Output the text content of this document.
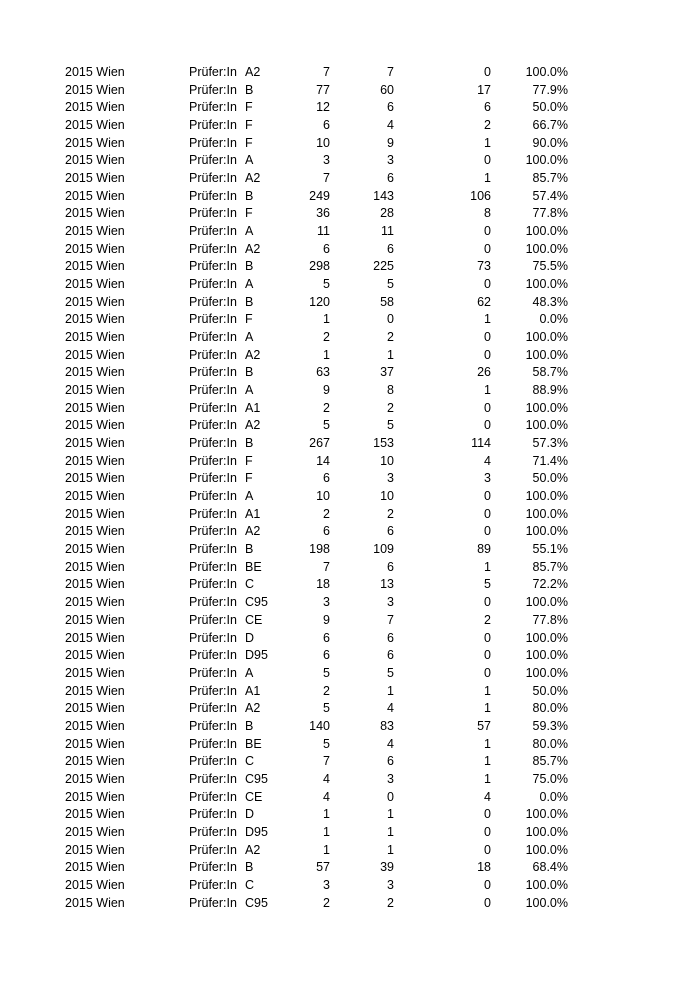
2015 Wien	Prüfer:In A2	7	7	0	100.0%
2015 Wien	Prüfer:In B	77	60	17	77.9%
2015 Wien	Prüfer:In F	12	6	6	50.0%
2015 Wien	Prüfer:In F	6	4	2	66.7%
2015 Wien	Prüfer:In F	10	9	1	90.0%
2015 Wien	Prüfer:In A	3	3	0	100.0%
2015 Wien	Prüfer:In A2	7	6	1	85.7%
2015 Wien	Prüfer:In B	249	143	106	57.4%
2015 Wien	Prüfer:In F	36	28	8	77.8%
2015 Wien	Prüfer:In A	11	11	0	100.0%
2015 Wien	Prüfer:In A2	6	6	0	100.0%
2015 Wien	Prüfer:In B	298	225	73	75.5%
2015 Wien	Prüfer:In A	5	5	0	100.0%
2015 Wien	Prüfer:In B	120	58	62	48.3%
2015 Wien	Prüfer:In F	1	0	1	0.0%
2015 Wien	Prüfer:In A	2	2	0	100.0%
2015 Wien	Prüfer:In A2	1	1	0	100.0%
2015 Wien	Prüfer:In B	63	37	26	58.7%
2015 Wien	Prüfer:In A	9	8	1	88.9%
2015 Wien	Prüfer:In A1	2	2	0	100.0%
2015 Wien	Prüfer:In A2	5	5	0	100.0%
2015 Wien	Prüfer:In B	267	153	114	57.3%
2015 Wien	Prüfer:In F	14	10	4	71.4%
2015 Wien	Prüfer:In F	6	3	3	50.0%
2015 Wien	Prüfer:In A	10	10	0	100.0%
2015 Wien	Prüfer:In A1	2	2	0	100.0%
2015 Wien	Prüfer:In A2	6	6	0	100.0%
2015 Wien	Prüfer:In B	198	109	89	55.1%
2015 Wien	Prüfer:In BE	7	6	1	85.7%
2015 Wien	Prüfer:In C	18	13	5	72.2%
2015 Wien	Prüfer:In C95	3	3	0	100.0%
2015 Wien	Prüfer:In CE	9	7	2	77.8%
2015 Wien	Prüfer:In D	6	6	0	100.0%
2015 Wien	Prüfer:In D95	6	6	0	100.0%
2015 Wien	Prüfer:In A	5	5	0	100.0%
2015 Wien	Prüfer:In A1	2	1	1	50.0%
2015 Wien	Prüfer:In A2	5	4	1	80.0%
2015 Wien	Prüfer:In B	140	83	57	59.3%
2015 Wien	Prüfer:In BE	5	4	1	80.0%
2015 Wien	Prüfer:In C	7	6	1	85.7%
2015 Wien	Prüfer:In C95	4	3	1	75.0%
2015 Wien	Prüfer:In CE	4	0	4	0.0%
2015 Wien	Prüfer:In D	1	1	0	100.0%
2015 Wien	Prüfer:In D95	1	1	0	100.0%
2015 Wien	Prüfer:In A2	1	1	0	100.0%
2015 Wien	Prüfer:In B	57	39	18	68.4%
2015 Wien	Prüfer:In C	3	3	0	100.0%
2015 Wien	Prüfer:In C95	2	2	0	100.0%
